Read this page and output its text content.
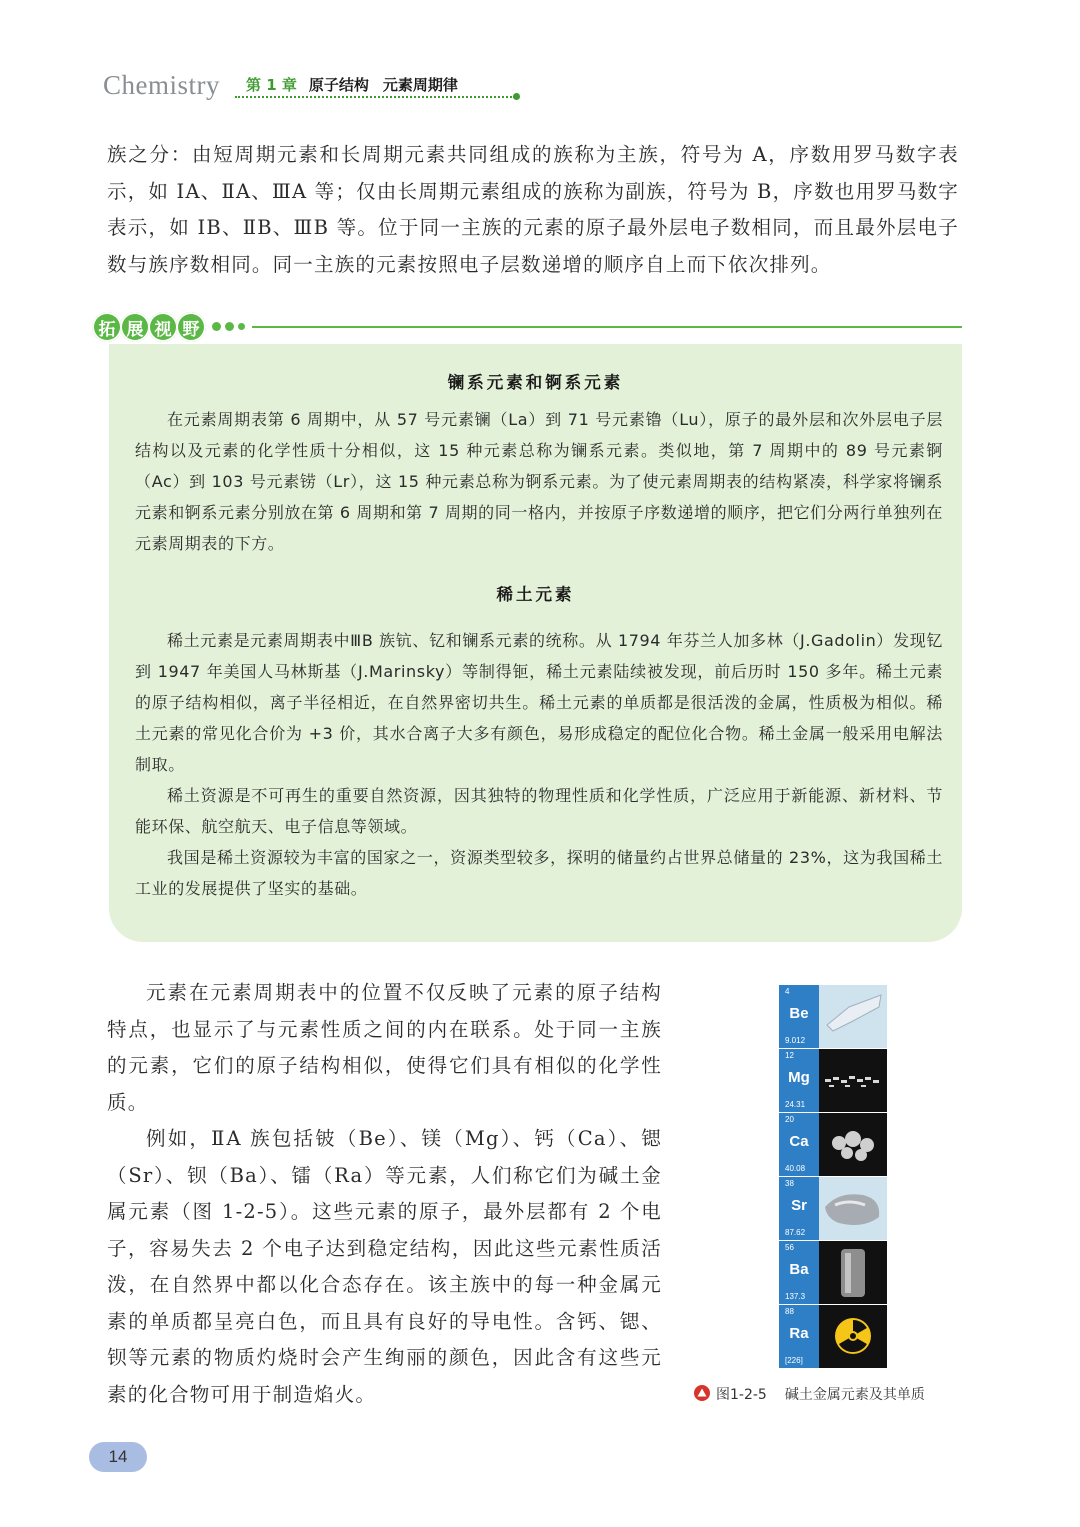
Chemistry 第 1 章 原子结构 元素周期律

族之分：由短周期元素和长周期元素共同组成的族称为主族，符号为 A，序数用罗马数字表示，如 ⅠA、ⅡA、ⅢA 等；仅由长周期元素组成的族称为副族，符号为 B，序数也用罗马数字表示，如 ⅠB、ⅡB、ⅢB 等。位于同一主族的元素的原子最外层电子数相同，而且最外层电子数与族序数相同。同一主族的元素按照电子层数递增的顺序自上而下依次排列。

拓 展 视 野
镧系元素和锕系元素

在元素周期表第 6 周期中，从 57 号元素镧（La）到 71 号元素镥（Lu），原子的最外层和次外层电子层结构以及元素的化学性质十分相似，这 15 种元素总称为镧系元素。类似地，第 7 周期中的 89 号元素锕（Ac）到 103 号元素铹（Lr），这 15 种元素总称为锕系元素。为了使元素周期表的结构紧凑，科学家将镧系元素和锕系元素分别放在第 6 周期和第 7 周期的同一格内，并按原子序数递增的顺序，把它们分两行单独列在元素周期表的下方。

稀土元素

稀土元素是元素周期表中ⅢB 族钪、钇和镧系元素的统称。从 1794 年芬兰人加多林（J.Gadolin）发现钇到 1947 年美国人马林斯基（J.Marinsky）等制得钷，稀土元素陆续被发现，前后历时 150 多年。稀土元素的原子结构相似，离子半径相近，在自然界密切共生。稀土元素的单质都是很活泼的金属，性质极为相似。稀土元素的常见化合价为 +3 价，其水合离子大多有颜色，易形成稳定的配位化合物。稀土金属一般采用电解法制取。

稀土资源是不可再生的重要自然资源，因其独特的物理性质和化学性质，广泛应用于新能源、新材料、节能环保、航空航天、电子信息等领域。

我国是稀土资源较为丰富的国家之一，资源类型较多，探明的储量约占世界总储量的 23%，这为我国稀土工业的发展提供了坚实的基础。

元素在元素周期表中的位置不仅反映了元素的原子结构特点，也显示了与元素性质之间的内在联系。处于同一主族的元素，它们的原子结构相似，使得它们具有相似的化学性质。

例如，ⅡA 族包括铍（Be）、镁（Mg）、钙（Ca）、锶（Sr）、钡（Ba）、镭（Ra）等元素，人们称它们为碱土金属元素（图 1-2-5）。这些元素的原子，最外层都有 2 个电子，容易失去 2 个电子达到稳定结构，因此这些元素性质活泼，在自然界中都以化合态存在。该主族中的每一种金属元素的单质都呈亮白色，而且具有良好的导电性。含钙、锶、钡等元素的物质灼烧时会产生绚丽的颜色，因此含有这些元素的化合物可用于制造焰火。

4
Be
9.012
12
Mg
24.31
20
Ca
40.08
38
Sr
87.62
56
Ba
137.3
88
Ra
[226]
图1-2-5 碱土金属元素及其单质
14
